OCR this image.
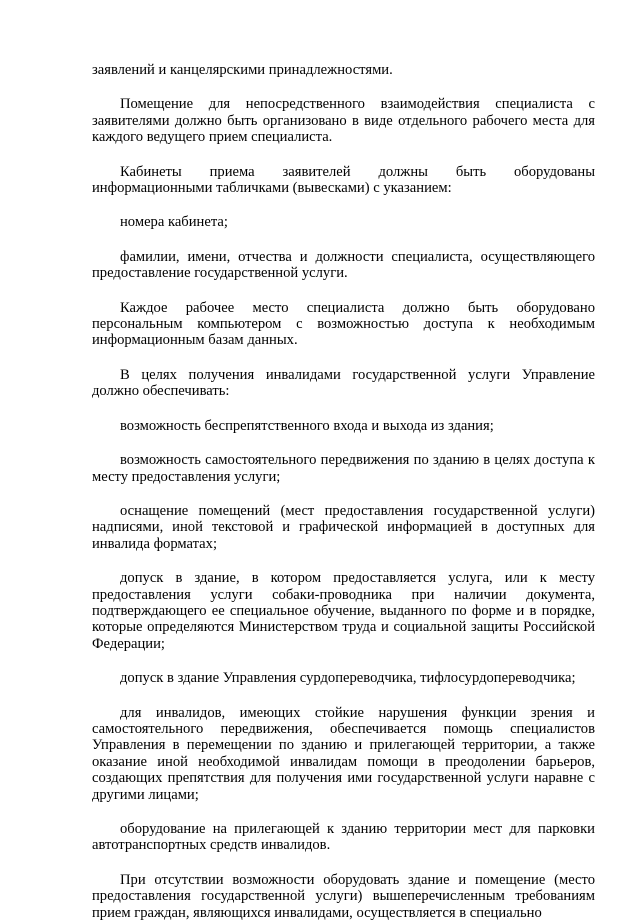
заявлений и канцелярскими принадлежностями.

Помещение для непосредственного взаимодействия специалиста с заявителями должно быть организовано в виде отдельного рабочего места для каждого ведущего прием специалиста.

Кабинеты приема заявителей должны быть оборудованы информационными табличками (вывесками) с указанием:

номера кабинета;

фамилии, имени, отчества и должности специалиста, осуществляющего предоставление государственной услуги.

Каждое рабочее место специалиста должно быть оборудовано персональным компьютером с возможностью доступа к необходимым информационным базам данных.

В целях получения инвалидами государственной услуги Управление должно обеспечивать:

возможность беспрепятственного входа и выхода из здания;

возможность самостоятельного передвижения по зданию в целях доступа к месту предоставления услуги;

оснащение помещений (мест предоставления государственной услуги) надписями, иной текстовой и графической информацией в доступных для инвалида форматах;

допуск в здание, в котором предоставляется услуга, или к месту предоставления услуги собаки-проводника при наличии документа, подтверждающего ее специальное обучение, выданного по форме и в порядке, которые определяются Министерством труда и социальной защиты Российской Федерации;

допуск в здание Управления сурдопереводчика, тифлосурдопереводчика;

для инвалидов, имеющих стойкие нарушения функции зрения и самостоятельного передвижения, обеспечивается помощь специалистов Управления в перемещении по зданию и прилегающей территории, а также оказание иной необходимой инвалидам помощи в преодолении барьеров, создающих препятствия для получения ими государственной услуги наравне с другими лицами;

оборудование на прилегающей к зданию территории мест для парковки автотранспортных средств инвалидов.

При отсутствии возможности оборудовать здание и помещение (место предоставления государственной услуги) вышеперечисленным требованиям прием граждан, являющихся инвалидами, осуществляется в специально
